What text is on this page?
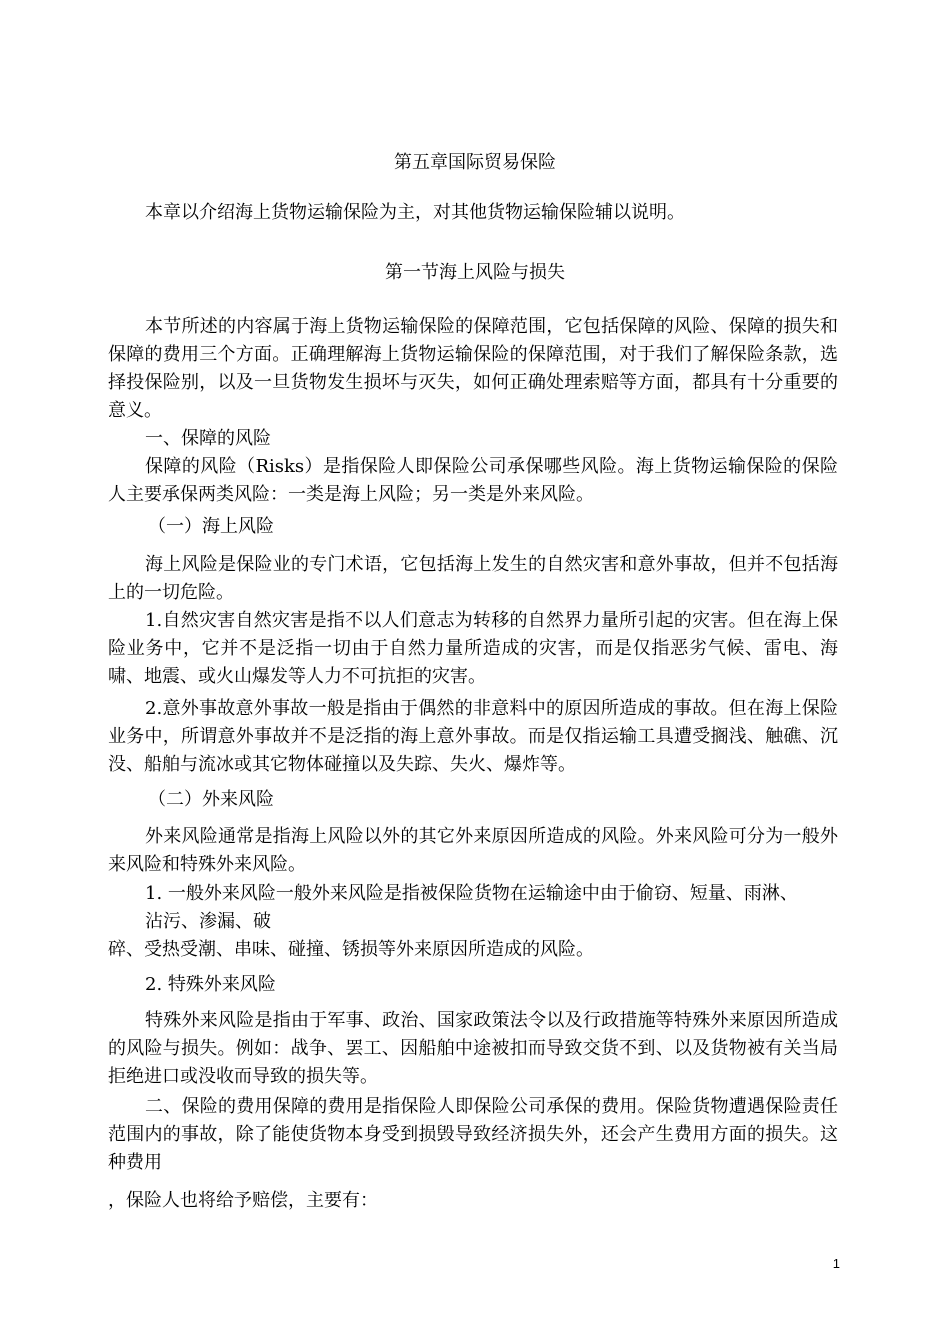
第五章国际贸易保险
本章以介绍海上货物运输保险为主，对其他货物运输保险辅以说明。
第一节海上风险与损失
本节所述的内容属于海上货物运输保险的保障范围，它包括保障的风险、保障的损失和保障的费用三个方面。正确理解海上货物运输保险的保障范围，对于我们了解保险条款，选择投保险别，以及一旦货物发生损坏与灭失，如何正确处理索赔等方面，都具有十分重要的意义。
一、保障的风险
保障的风险（Risks）是指保险人即保险公司承保哪些风险。海上货物运输保险的保险人主要承保两类风险：一类是海上风险；另一类是外来风险。
（一）海上风险
海上风险是保险业的专门术语，它包括海上发生的自然灾害和意外事故，但并不包括海上的一切危险。
1.自然灾害自然灾害是指不以人们意志为转移的自然界力量所引起的灾害。但在海上保险业务中，它并不是泛指一切由于自然力量所造成的灾害，而是仅指恶劣气候、雷电、海啸、地震、或火山爆发等人力不可抗拒的灾害。
2.意外事故意外事故一般是指由于偶然的非意料中的原因所造成的事故。但在海上保险业务中，所谓意外事故并不是泛指的海上意外事故。而是仅指运输工具遭受搁浅、触礁、沉没、船舶与流冰或其它物体碰撞以及失踪、失火、爆炸等。
（二）外来风险
外来风险通常是指海上风险以外的其它外来原因所造成的风险。外来风险可分为一般外来风险和特殊外来风险。
1. 一般外来风险一般外来风险是指被保险货物在运输途中由于偷窃、短量、雨淋、
沾污、渗漏、破
碎、受热受潮、串味、碰撞、锈损等外来原因所造成的风险。
2. 特殊外来风险
特殊外来风险是指由于军事、政治、国家政策法令以及行政措施等特殊外来原因所造成的风险与损失。例如：战争、罢工、因船舶中途被扣而导致交货不到、以及货物被有关当局拒绝进口或没收而导致的损失等。
二、保险的费用保障的费用是指保险人即保险公司承保的费用。保险货物遭遇保险责任范围内的事故，除了能使货物本身受到损毁导致经济损失外，还会产生费用方面的损失。这种费用
，保险人也将给予赔偿，主要有：
1
